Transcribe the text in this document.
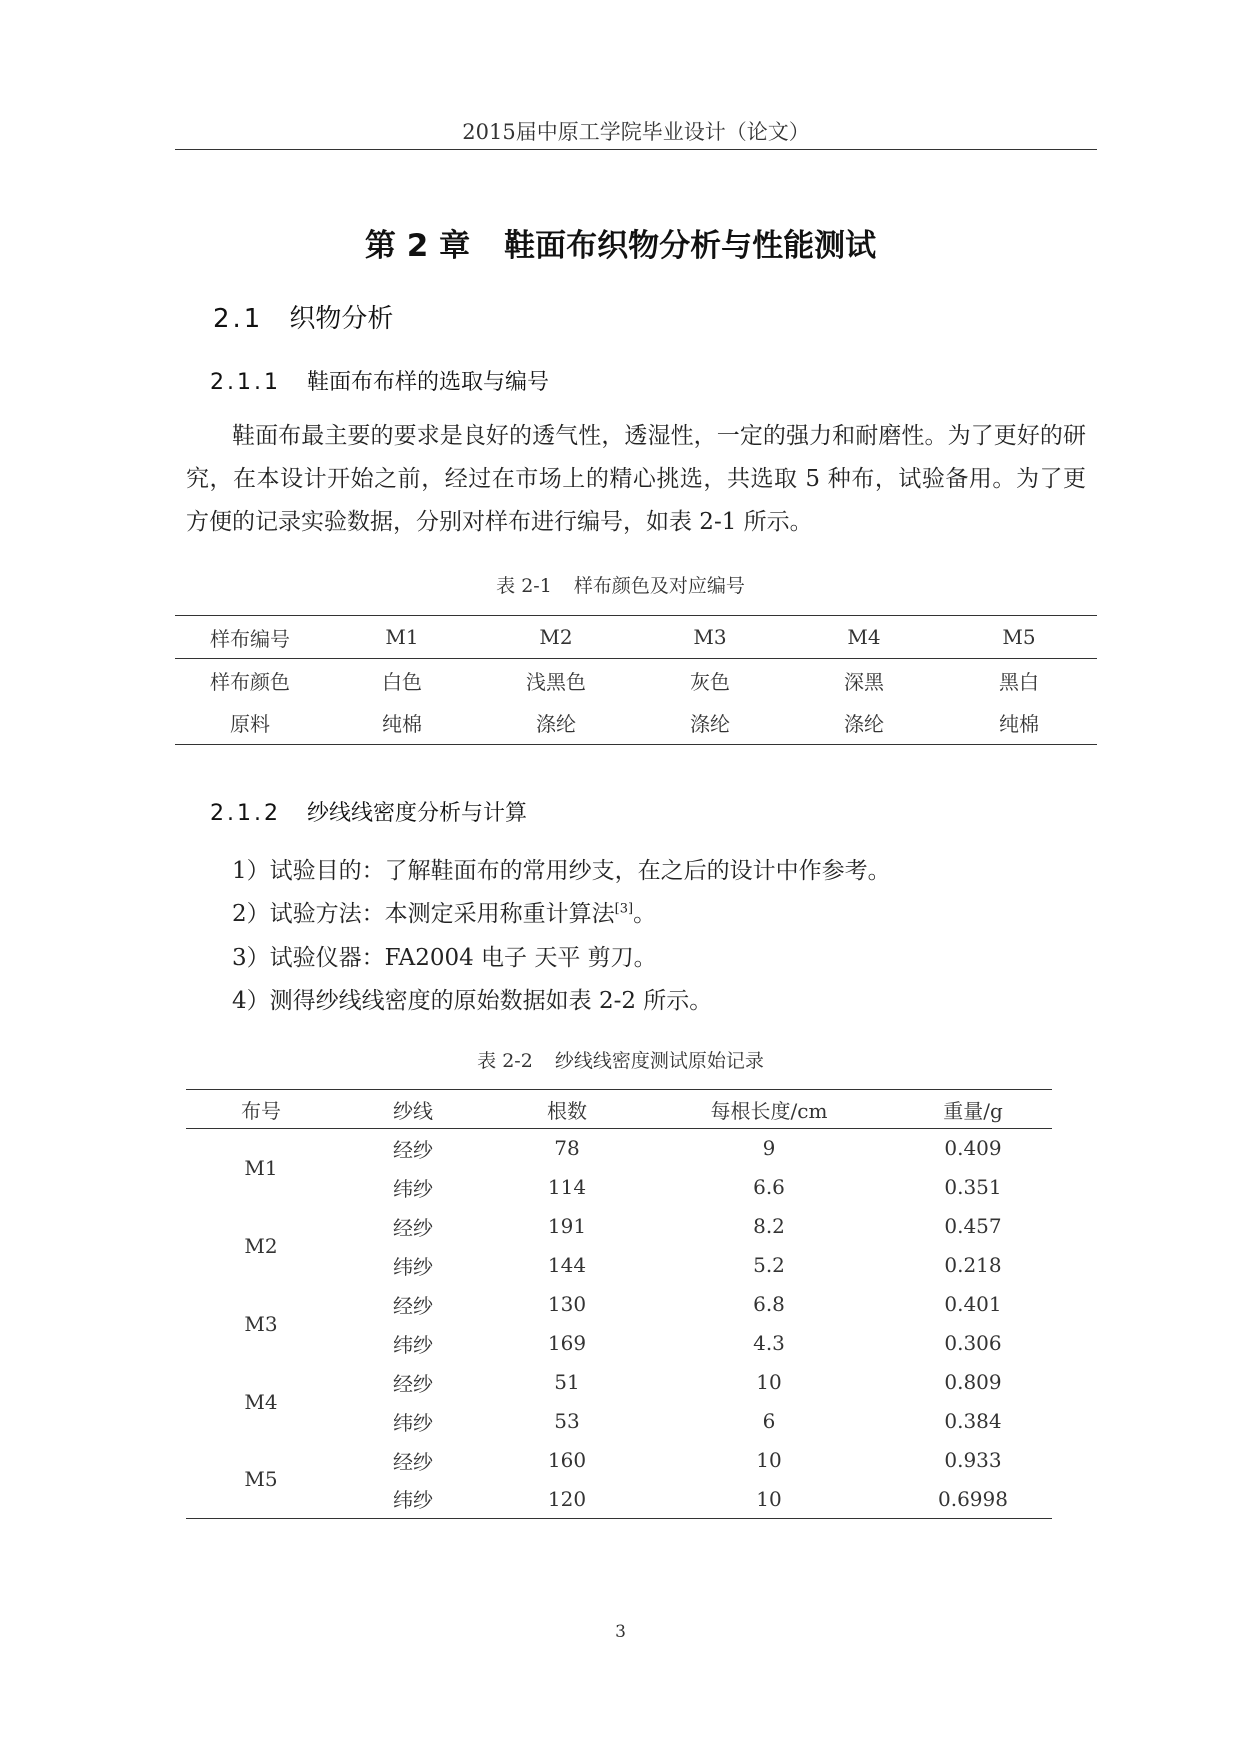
2015届中原工学院毕业设计（论文）
第 2 章 鞋面布织物分析与性能测试
2.1 织物分析
2.1.1 鞋面布布样的选取与编号
鞋面布最主要的要求是良好的透气性，透湿性，一定的强力和耐磨性。为了更好的研究，在本设计开始之前，经过在市场上的精心挑选，共选取 5 种布，试验备用。为了更方便的记录实验数据，分别对样布进行编号，如表 2-1 所示。
表 2-1 样布颜色及对应编号
样布编号	M1	M2	M3	M4	M5
样布颜色	白色	浅黑色	灰色	深黑	黑白
原料	纯棉	涤纶	涤纶	涤纶	纯棉
2.1.2 纱线线密度分析与计算
1）试验目的：了解鞋面布的常用纱支，在之后的设计中作参考。
2）试验方法：本测定采用称重计算法[3]。
3）试验仪器：FA2004 电子 天平 剪刀。
4）测得纱线线密度的原始数据如表 2-2 所示。
表 2-2 纱线线密度测试原始记录
布号	纱线	根数	每根长度/cm	重量/g
M1	经纱	78	9	0.409
	纬纱	114	6.6	0.351
M2	经纱	191	8.2	0.457
	纬纱	144	5.2	0.218
M3	经纱	130	6.8	0.401
	纬纱	169	4.3	0.306
M4	经纱	51	10	0.809
	纬纱	53	6	0.384
M5	经纱	160	10	0.933
	纬纱	120	10	0.6998
3
